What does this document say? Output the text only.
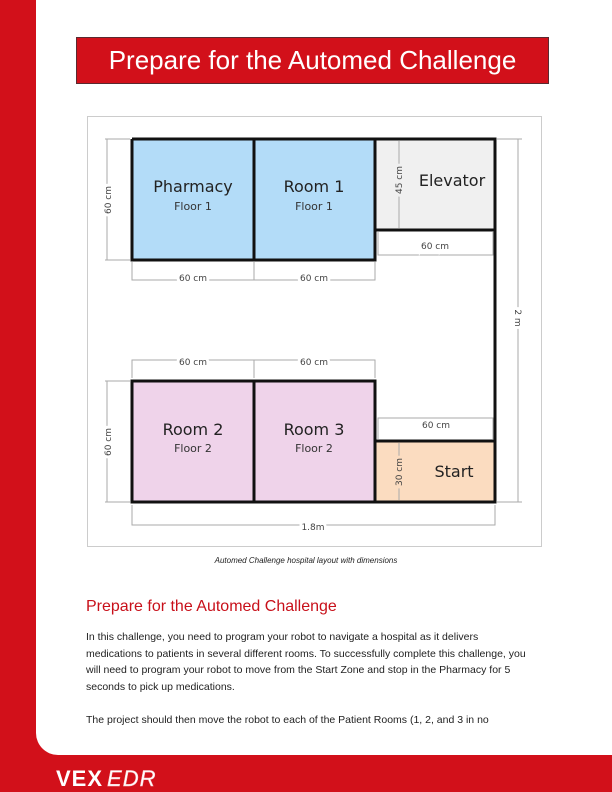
Prepare for the Automed Challenge
Pharmacy
Floor 1
Room 1
Floor 1
Elevator
Room 2
Floor 2
Room 3
Floor 2
Start
60 cm	60 cm
60 cm
60 cm	60 cm
60 cm
1.8m
60 cm
60 cm
45 cm
30 cm
2 m
Automed Challenge hospital layout with dimensions
Prepare for the Automed Challenge
In this challenge, you need to program your robot to navigate a hospital as it delivers medications to patients in several different rooms. To successfully complete this challenge, you will need to program your robot to move from the Start Zone and stop in the Pharmacy for 5 seconds to pick up medications.
The project should then move the robot to each of the Patient Rooms (1, 2, and 3 in no
VEX EDR
